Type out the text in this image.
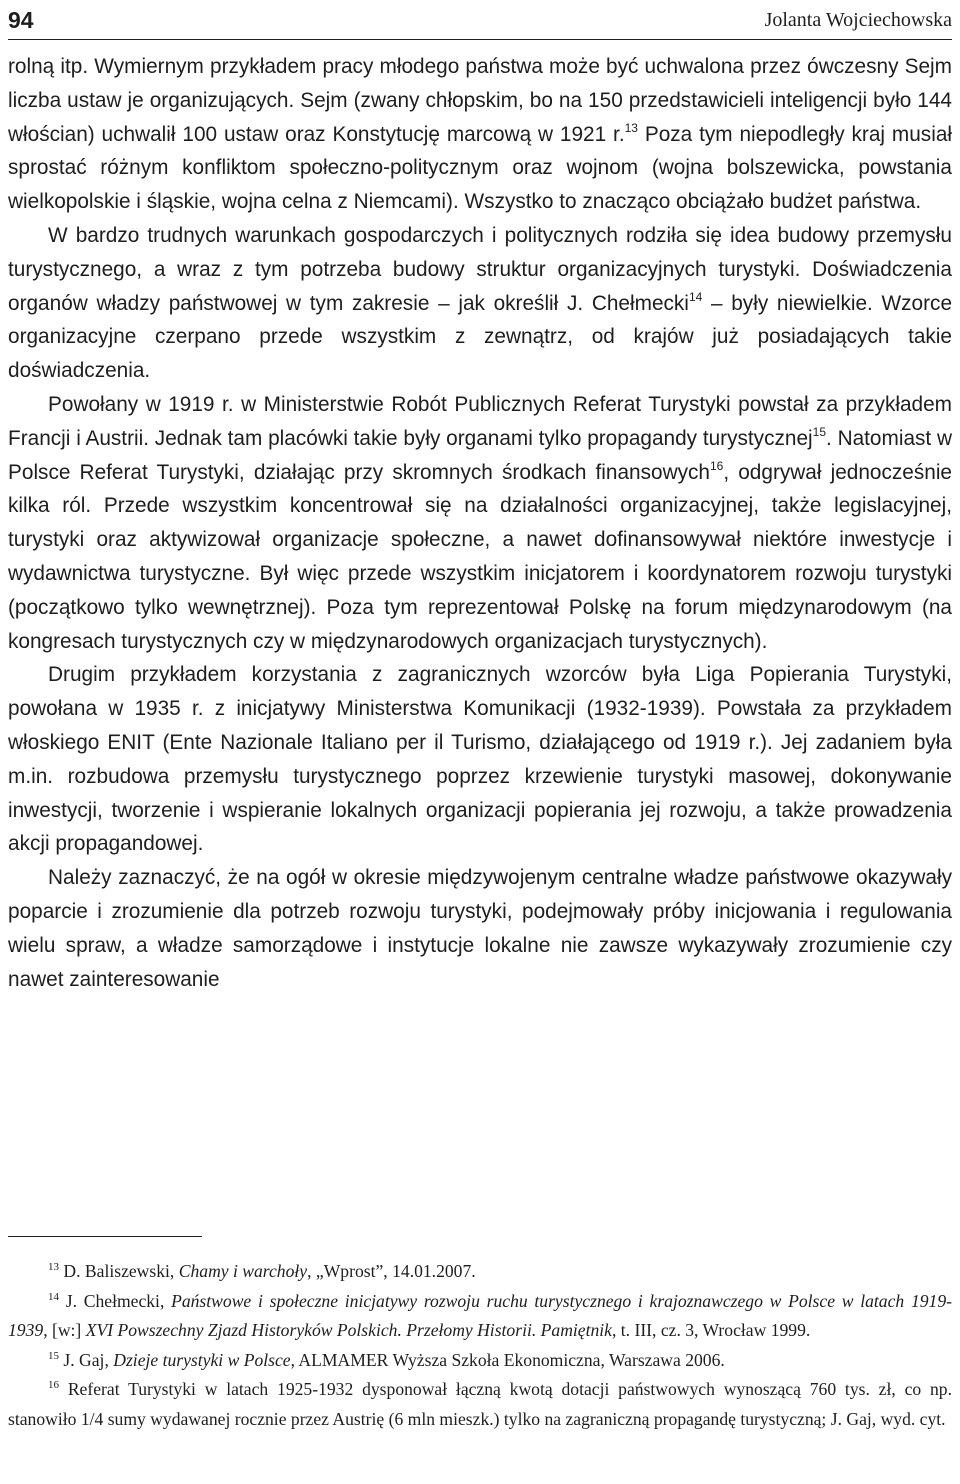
94	Jolanta Wojciechowska

rolną itp. Wymiernym przykładem pracy młodego państwa może być uchwalona przez ówczesny Sejm liczba ustaw je organizujących. Sejm (zwany chłopskim, bo na 150 przedstawicieli inteligencji było 144 włościan) uchwalił 100 ustaw oraz Konstytucję marcową w 1921 r.$^{13}$ Poza tym niepodległy kraj musiał sprostać różnym konfliktom społeczno-politycznym oraz wojnom (wojna bolszewicka, powstania wielkopolskie i śląskie, wojna celna z Niemcami). Wszystko to znacząco obciążało budżet państwa.

W bardzo trudnych warunkach gospodarczych i politycznych rodziła się idea budowy przemysłu turystycznego, a wraz z tym potrzeba budowy struktur organizacyjnych turystyki. Doświadczenia organów władzy państwowej w tym zakresie – jak określił J. Chełmecki$^{14}$ – były niewielkie. Wzorce organizacyjne czerpano przede wszystkim z zewnątrz, od krajów już posiadających takie doświadczenia.

Powołany w 1919 r. w Ministerstwie Robót Publicznych Referat Turystyki powstał za przykładem Francji i Austrii. Jednak tam placówki takie były organami tylko propagandy turystycznej$^{15}$. Natomiast w Polsce Referat Turystyki, działając przy skromnych środkach finansowych$^{16}$, odgrywał jednocześnie kilka ról. Przede wszystkim koncentrował się na działalności organizacyjnej, także legislacyjnej, turystyki oraz aktywizował organizacje społeczne, a nawet dofinansowywał niektóre inwestycje i wydawnictwa turystyczne. Był więc przede wszystkim inicjatorem i koordynatorem rozwoju turystyki (początkowo tylko wewnętrznej). Poza tym reprezentował Polskę na forum międzynarodowym (na kongresach turystycznych czy w międzynarodowych organizacjach turystycznych).

Drugim przykładem korzystania z zagranicznych wzorców była Liga Popierania Turystyki, powołana w 1935 r. z inicjatywy Ministerstwa Komunikacji (1932-1939). Powstała za przykładem włoskiego ENIT (Ente Nazionale Italiano per il Turismo, działającego od 1919 r.). Jej zadaniem była m.in. rozbudowa przemysłu turystycznego poprzez krzewienie turystyki masowej, dokonywanie inwestycji, tworzenie i wspieranie lokalnych organizacji popierania jej rozwoju, a także prowadzenia akcji propagandowej.

Należy zaznaczyć, że na ogół w okresie międzywojenym centralne władze państwowe okazywały poparcie i zrozumienie dla potrzeb rozwoju turystyki, podejmowały próby inicjowania i regulowania wielu spraw, a władze samorządowe i instytucje lokalne nie zawsze wykazywały zrozumienie czy nawet zainteresowanie

$^{13}$ D. Baliszewski, Chamy i warchoły, „Wprost”, 14.01.2007.

$^{14}$ J. Chełmecki, Państwowe i społeczne inicjatywy rozwoju ruchu turystycznego i krajoznawczego w Polsce w latach 1919-1939, [w:] XVI Powszechny Zjazd Historyków Polskich. Przełomy Historii. Pamiętnik, t. III, cz. 3, Wrocław 1999.

$^{15}$ J. Gaj, Dzieje turystyki w Polsce, ALMAMER Wyższa Szkoła Ekonomiczna, Warszawa 2006.

$^{16}$ Referat Turystyki w latach 1925-1932 dysponował łączną kwotą dotacji państwowych wynoszącą 760 tys. zł, co np. stanowiło 1/4 sumy wydawanej rocznie przez Austrię (6 mln mieszk.) tylko na zagraniczną propagandę turystyczną; J. Gaj, wyd. cyt.
